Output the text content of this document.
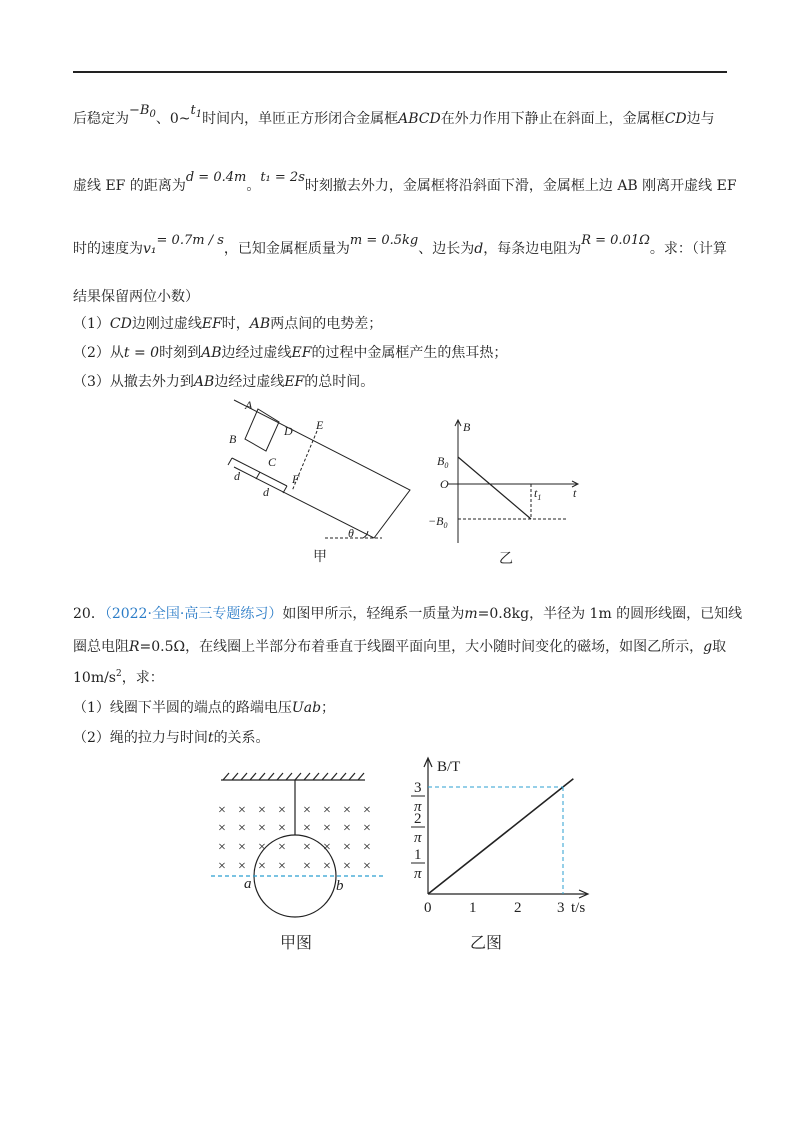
后稳定为$-B_0$、$0\sim t_1$时间内，单匝正方形闭合金属框ABCD在外力作用下静止在斜面上，金属框CD边与
虚线 EF 的距离为d = 0.4m。t₁ = 2s时刻撤去外力，金属框将沿斜面下滑，金属框上边 AB 刚离开虚线 EF
时的速度为v₁= 0.7m / s，已知金属框质量为m = 0.5kg、边长为d，每条边电阻为R = 0.01Ω。求：（计算
结果保留两位小数）
（1）CD边刚过虚线EF时，AB两点间的电势差；
（2）从t = 0时刻到AB边经过虚线EF的过程中金属框产生的焦耳热；
（3）从撤去外力到AB边经过虚线EF的总时间。
A
B
C
D E
F
d
d
θ
甲
B
$B_0$
O
t
$t_1$
$-B_0$
乙
20．（2022·全国·高三专题练习）如图甲所示，轻绳系一质量为m=0.8kg，半径为 1m 的圆形线圈，已知线
圈总电阻R=0.5Ω，在线圈上半部分布着垂直于线圈平面向里，大小随时间变化的磁场，如图乙所示，g取
$10m/s^2$，求：
（1）线圈下半圆的端点的路端电压Uab；
（2）绳的拉力与时间t的关系。
× × × × × × × ×
× × × × × × × ×
× × × × × × × ×
× × × × × × × ×
a	b
甲图
B/T
t/s
3
π
2
π
1
π
0	1	2 3
乙图
